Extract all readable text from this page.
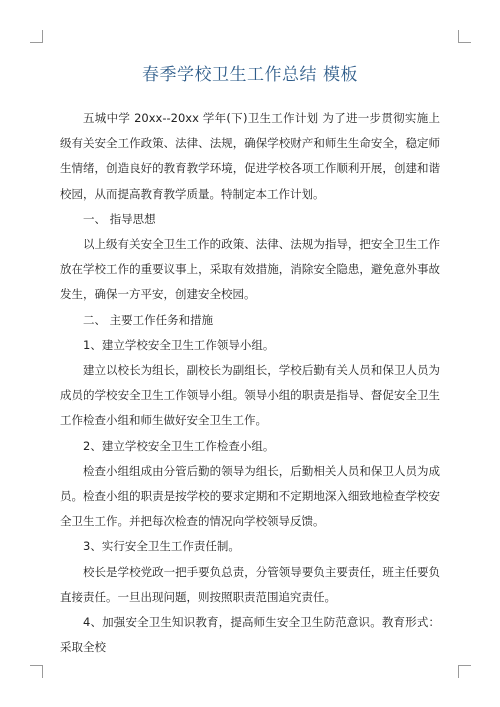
春季学校卫生工作总结 模板

五城中学 20xx--20xx 学年(下)卫生工作计划 为了进一步贯彻实施上级有关安全工作政策、法律、法规，确保学校财产和师生生命安全，稳定师生情绪，创造良好的教育教学环境，促进学校各项工作顺利开展，创建和谐校园，从而提高教育教学质量。特制定本工作计划。

一、 指导思想

以上级有关安全卫生工作的政策、法律、法规为指导，把安全卫生工作放在学校工作的重要议事上，采取有效措施，消除安全隐患，避免意外事故发生，确保一方平安，创建安全校园。

二、 主要工作任务和措施

1、建立学校安全卫生工作领导小组。

建立以校长为组长，副校长为副组长，学校后勤有关人员和保卫人员为成员的学校安全卫生工作领导小组。领导小组的职责是指导、督促安全卫生工作检查小组和师生做好安全卫生工作。

2、建立学校安全卫生工作检查小组。

检查小组组成由分管后勤的领导为组长，后勤相关人员和保卫人员为成员。检查小组的职责是按学校的要求定期和不定期地深入细致地检查学校安全卫生工作。并把每次检查的情况向学校领导反馈。

3、实行安全卫生工作责任制。

校长是学校党政一把手要负总责，分管领导要负主要责任，班主任要负直接责任。一旦出现问题，则按照职责范围追究责任。

4、加强安全卫生知识教育，提高师生安全卫生防范意识。教育形式：采取全校
